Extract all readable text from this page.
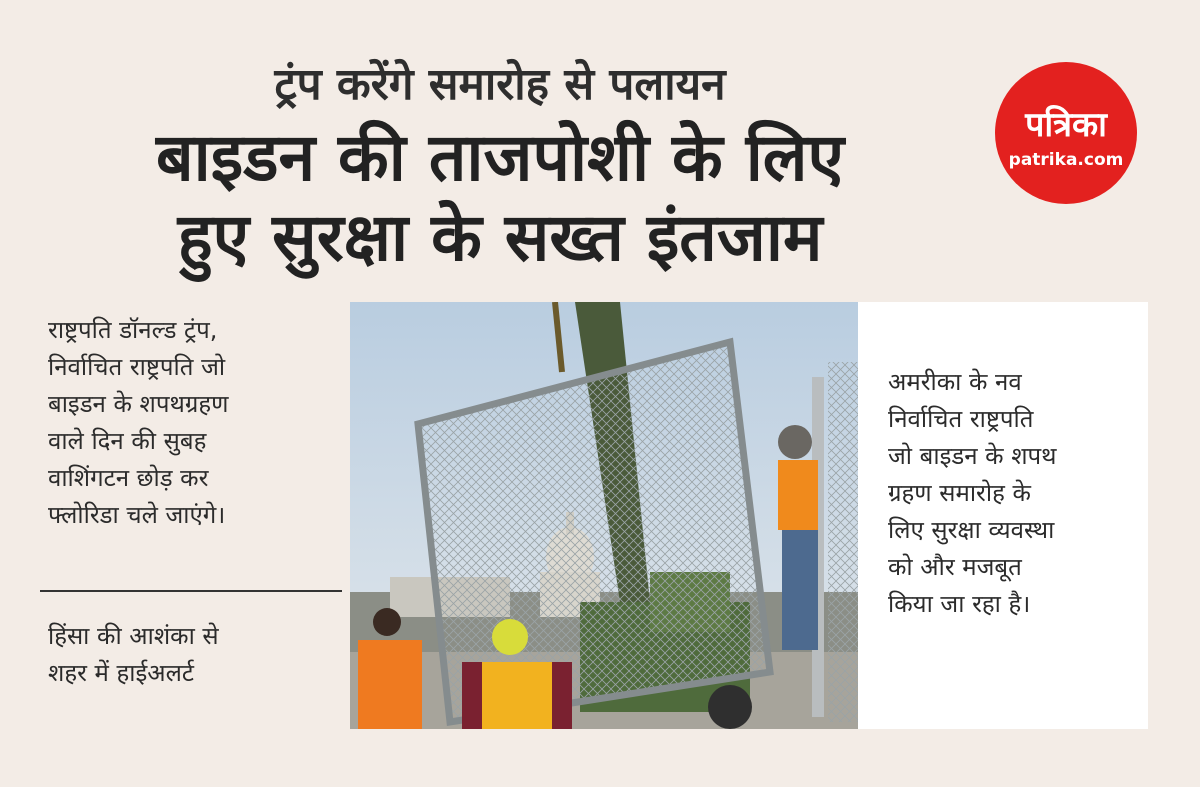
ट्रंप करेंगे समारोह से पलायन
बाइडन की ताजपोशी के लिए
हुए सुरक्षा के सख्त इंतजाम
पत्रिका
patrika.com

राष्ट्रपति डॉनल्ड ट्रंप,
निर्वाचित राष्ट्रपति जो
बाइडन के शपथग्रहण
वाले दिन की सुबह
वाशिंगटन छोड़ कर
फ्लोरिडा चले जाएंगे।

हिंसा की आशंका से
शहर में हाईअलर्ट

अमरीका के नव
निर्वाचित राष्ट्रपति
जो बाइडन के शपथ
ग्रहण समारोह के
लिए सुरक्षा व्यवस्था
को और मजबूत
किया जा रहा है।
